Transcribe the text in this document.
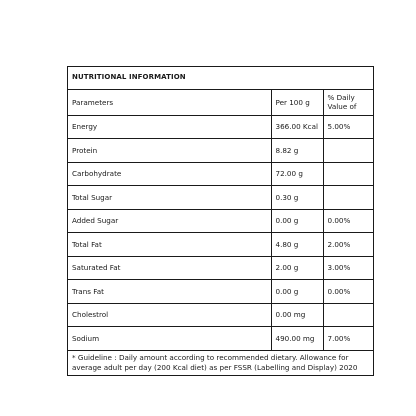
NUTRITIONAL INFORMATION		
Parameters	Per 100 g	% Daily Value of
Energy	366.00 Kcal	5.00%
Protein	8.82 g	
Carbohydrate	72.00 g	
Total Sugar	0.30 g	
Added Sugar	0.00 g	0.00%
Total Fat	4.80 g	2.00%
Saturated Fat	2.00 g	3.00%
Trans Fat	0.00 g	0.00%
Cholestrol	0.00 mg	
Sodium	490.00 mg	7.00%
* Guideline : Daily amount according to recommended dietary. Allowance for average adult per day (200 Kcal diet) as per FSSR (Labelling and Display) 2020		
